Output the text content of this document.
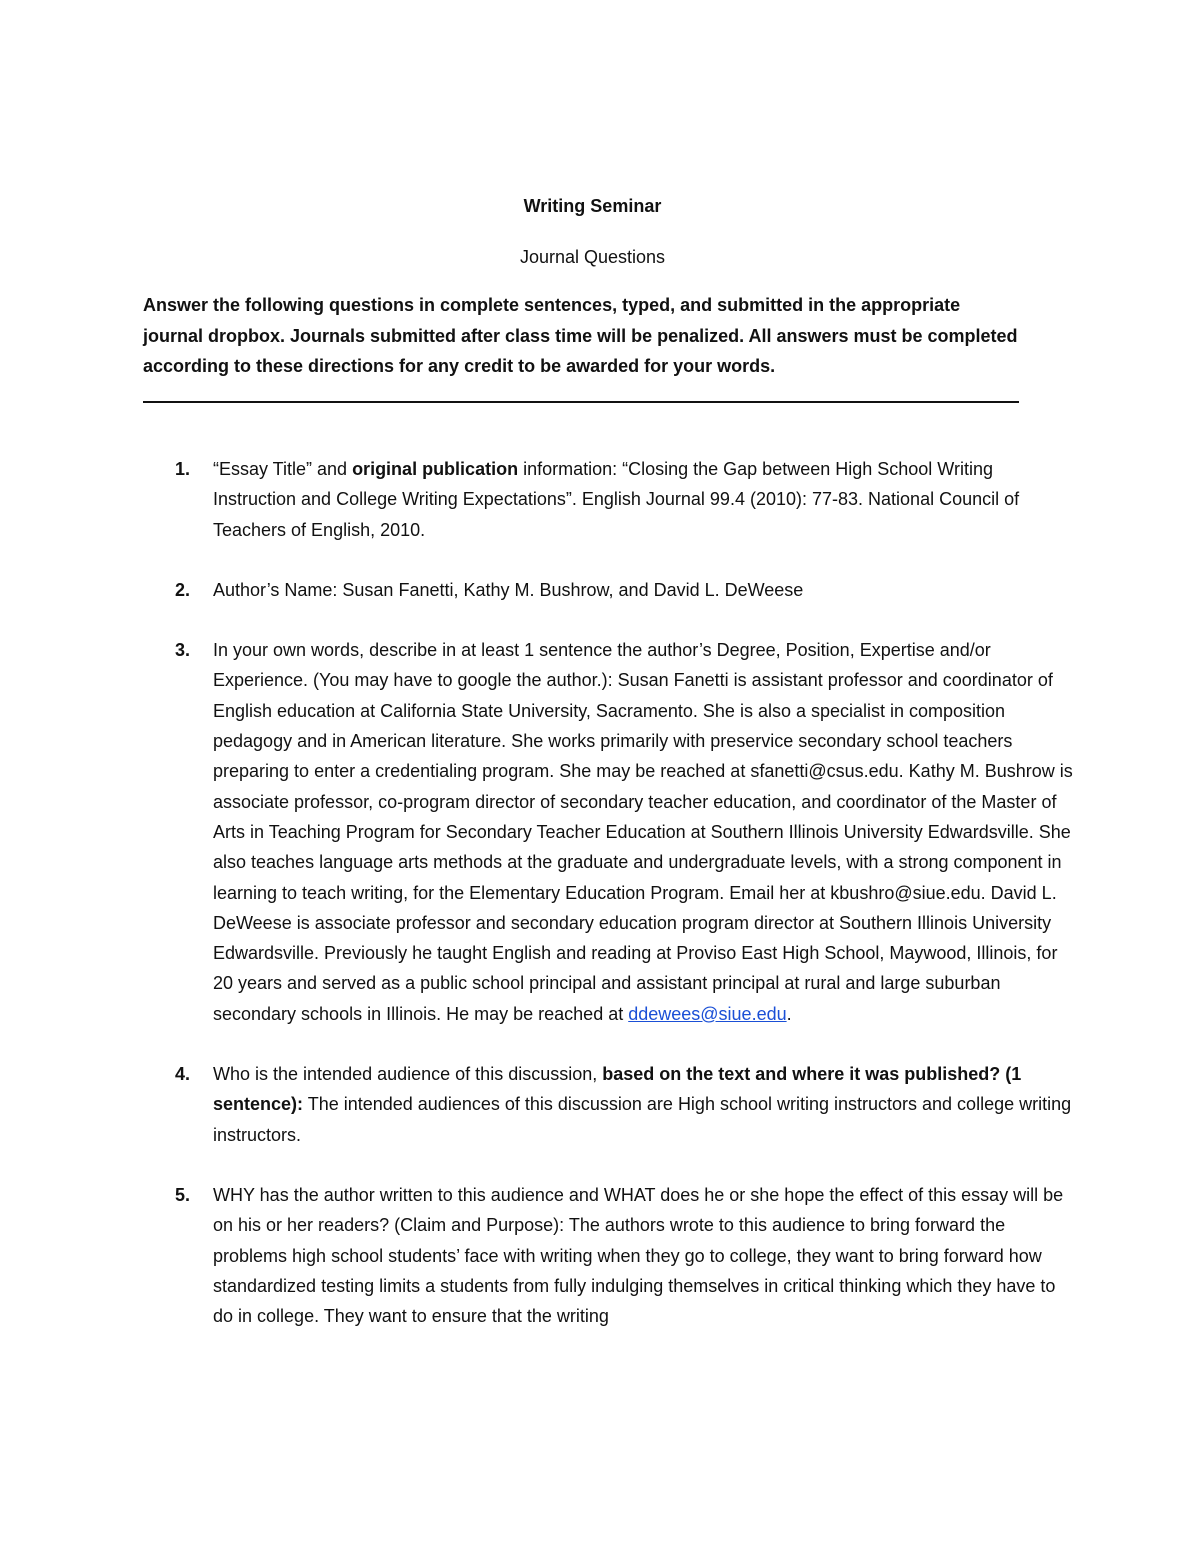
Writing Seminar
Journal Questions
Answer the following questions in complete sentences, typed, and submitted in the appropriate journal dropbox. Journals submitted after class time will be penalized. All answers must be completed according to these directions for any credit to be awarded for your words.
1. “Essay Title” and original publication information: “Closing the Gap between High School Writing Instruction and College Writing Expectations”. English Journal 99.4 (2010): 77-83. National Council of Teachers of English, 2010.
2. Author’s Name: Susan Fanetti, Kathy M. Bushrow, and David L. DeWeese
3. In your own words, describe in at least 1 sentence the author’s Degree, Position, Expertise and/or Experience. (You may have to google the author.): Susan Fanetti is assistant professor and coordinator of English education at California State University, Sacramento. She is also a specialist in composition pedagogy and in American literature. She works primarily with preservice secondary school teachers preparing to enter a credentialing program. She may be reached at sfanetti@csus.edu. Kathy M. Bushrow is associate professor, co-program director of secondary teacher education, and coordinator of the Master of Arts in Teaching Program for Secondary Teacher Education at Southern Illinois University Edwardsville. She also teaches language arts methods at the graduate and undergraduate levels, with a strong component in learning to teach writing, for the Elementary Education Program. Email her at kbushro@siue.edu. David L. DeWeese is associate professor and secondary education program director at Southern Illinois University Edwardsville. Previously he taught English and reading at Proviso East High School, Maywood, Illinois, for 20 years and served as a public school principal and assistant principal at rural and large suburban secondary schools in Illinois. He may be reached at ddewees@siue.edu.
4. Who is the intended audience of this discussion, based on the text and where it was published? (1 sentence): The intended audiences of this discussion are High school writing instructors and college writing instructors.
5. WHY has the author written to this audience and WHAT does he or she hope the effect of this essay will be on his or her readers? (Claim and Purpose): The authors wrote to this audience to bring forward the problems high school students’ face with writing when they go to college, they want to bring forward how standardized testing limits a students from fully indulging themselves in critical thinking which they have to do in college. They want to ensure that the writing
